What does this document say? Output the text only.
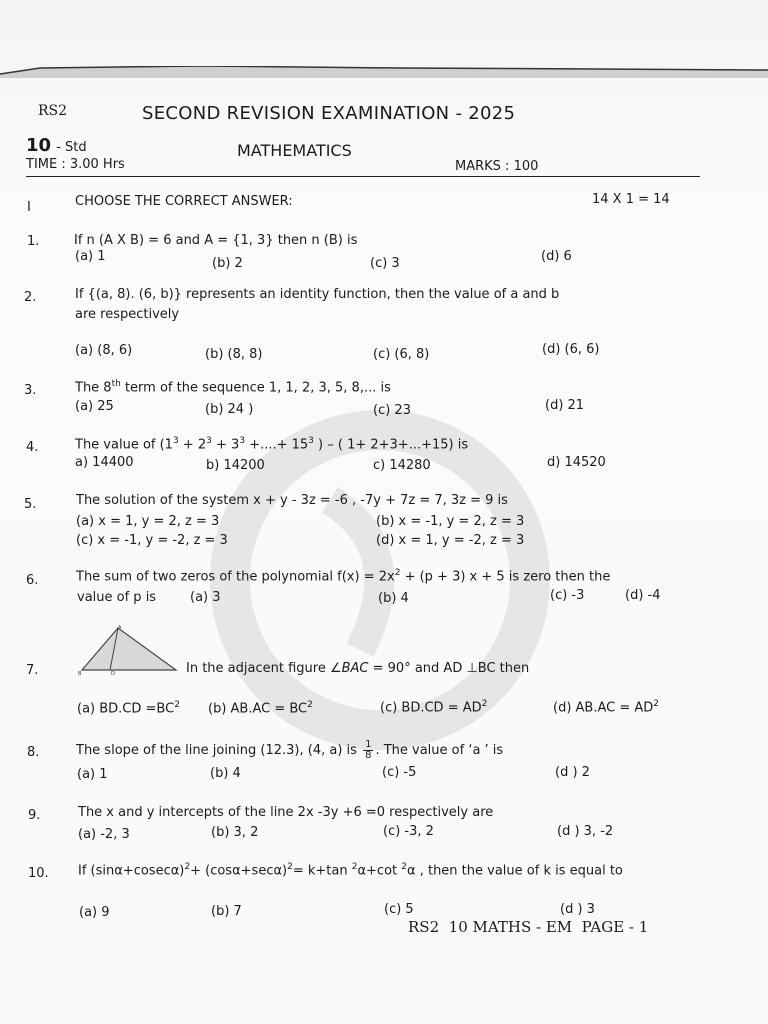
RS2	SECOND REVISION EXAMINATION - 2025
10 - Std	MATHEMATICS
TIME : 3.00 Hrs	MARKS : 100
I	CHOOSE THE CORRECT ANSWER:	14 X 1 = 14
1.	If n (A X B) = 6 and A = {1, 3} then n (B) is
(a) 1	(b) 2	(c) 3	(d) 6
2.	If {(a, 8). (6, b)} represents an identity function, then the value of a and b
are respectively
(a) (8, 6)	(b) (8, 8)	(c) (6, 8)	(d) (6, 6)
3.	The 8th term of the sequence 1, 1, 2, 3, 5, 8,... is
(a) 25	(b) 24 )	(c) 23	(d) 21
4.	The value of ($1^3 + 2^3 + 3^3$ +....+ $15^3$ ) – ( 1+ 2+3+...+15) is
a) 14400	b) 14200	c) 14280	d) 14520
5.	The solution of the system x + y - 3z = -6 , -7y + 7z = 7, 3z = 9 is
(a) x = 1, y = 2, z = 3	(b) x = -1, y = 2, z = 3
(c) x = -1, y = -2, z = 3	(d) x = 1, y = -2, z = 3
6.	The sum of two zeros of the polynomial $f(x) = 2x^2 + (p + 3) x + 5$ is zero then the
value of p is	(a) 3	(b) 4	(c) -3	(d) -4
7.
A
B	D	In the adjacent figure ∠BAC = 90° and AD ⊥BC then
(a) $BD.CD =BC^2$ (b) $AB.AC = BC^2$	(c) $BD.CD = AD^2$	(d) $AB.AC = AD^2$
8.	The slope of the line joining (12.3), (4, a) is $\frac{1}{8}$ . The value of ‘a ’ is
(a) 1	(b) 4	(c) -5	(d ) 2
9.	The x and y intercepts of the line 2x -3y +6 =0 respectively are
(a) -2, 3	(b) 3, 2	(c) -3, 2	(d ) 3, -2
10. If $(\sin\alpha+cosec\alpha)^2+ (\cos\alpha+\sec\alpha)^2= k+\tan$ $^2$α+cot $^2$α , then the value of k is equal to
(a) 9	(b) 7	(c) 5	(d ) 3
RS2  10 MATHS - EM  PAGE - 1
